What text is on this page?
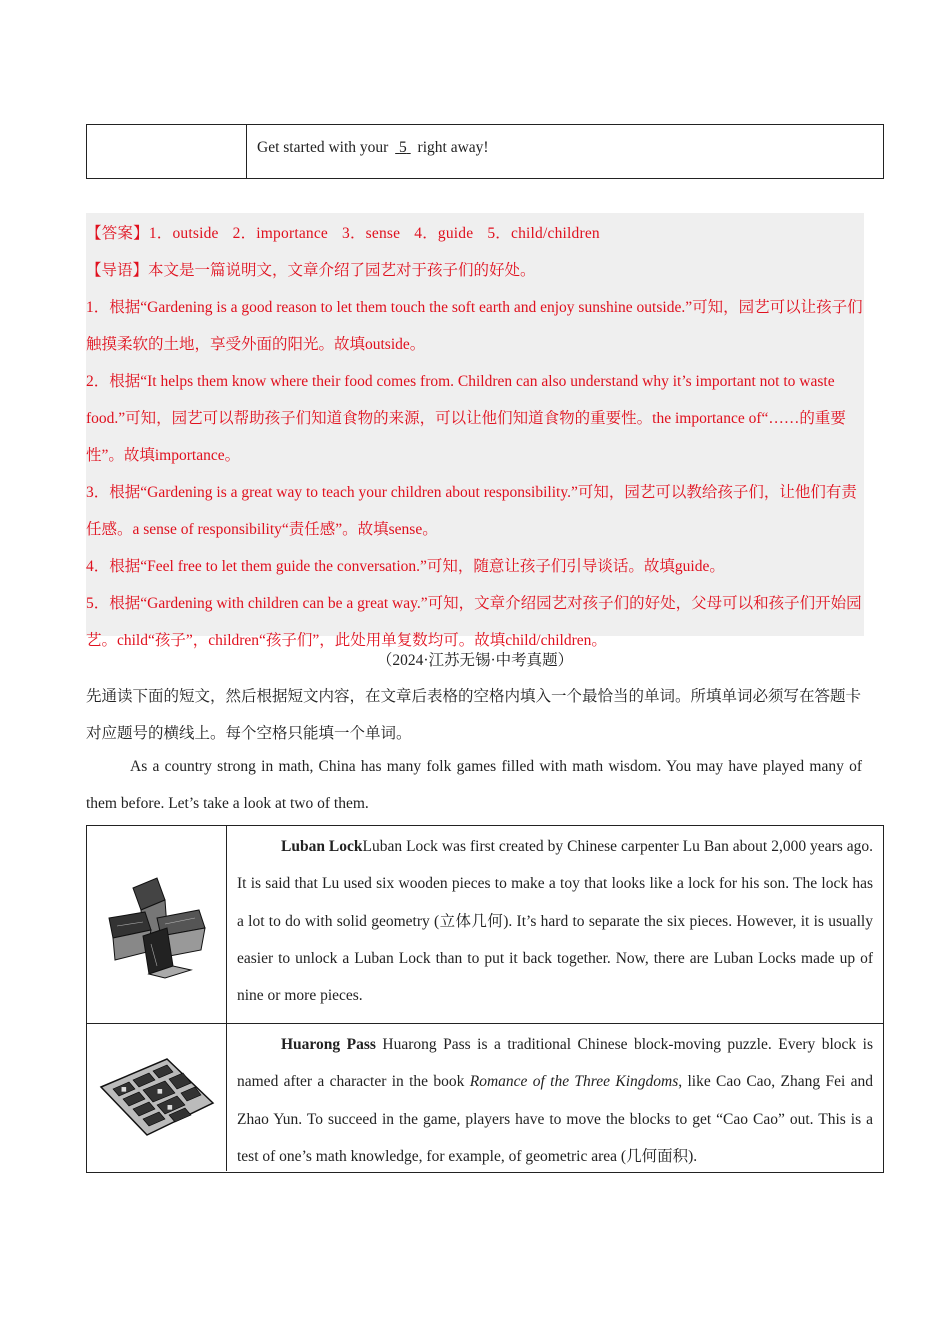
Get started with your  5  right away!

【答案】1．outside 2．importance 3．sense 4．guide 5．child/children

【导语】本文是一篇说明文，文章介绍了园艺对于孩子们的好处。

1．根据“Gardening is a good reason to let them touch the soft earth and enjoy sunshine outside.”可知，园艺可以让孩子们触摸柔软的土地，享受外面的阳光。故填outside。

2．根据“It helps them know where their food comes from. Children can also understand why it’s important not to waste food.”可知，园艺可以帮助孩子们知道食物的来源，可以让他们知道食物的重要性。the importance of“……的重要性”。故填importance。

3．根据“Gardening is a great way to teach your children about responsibility.”可知，园艺可以教给孩子们，让他们有责任感。a sense of responsibility“责任感”。故填sense。

4．根据“Feel free to let them guide the conversation.”可知，随意让孩子们引导谈话。故填guide。

5．根据“Gardening with children can be a great way.”可知，文章介绍园艺对孩子们的好处，父母可以和孩子们开始园艺。child“孩子”，children“孩子们”，此处用单复数均可。故填child/children。

（2024·江苏无锡·中考真题）

先通读下面的短文，然后根据短文内容，在文章后表格的空格内填入一个最恰当的单词。所填单词必须写在答题卡对应题号的横线上。每个空格只能填一个单词。

As a country strong in math, China has many folk games filled with math wisdom. You may have played many of them before. Let’s take a look at two of them.

Luban LockLuban Lock was first created by Chinese carpenter Lu Ban about 2,000 years ago. It is said that Lu used six wooden pieces to make a toy that looks like a lock for his son. The lock has a lot to do with solid geometry (立体几何). It’s hard to separate the six pieces. However, it is usually easier to unlock a Luban Lock than to put it back together. Now, there are Luban Locks made up of nine or more pieces.

■	■
■

Huarong Pass Huarong Pass is a traditional Chinese block-moving puzzle. Every block is named after a character in the book Romance of the Three Kingdoms, like Cao Cao, Zhang Fei and Zhao Yun. To succeed in the game, players have to move the blocks to get “Cao Cao” out. This is a test of one’s math knowledge, for example, of geometric area (几何面积).
